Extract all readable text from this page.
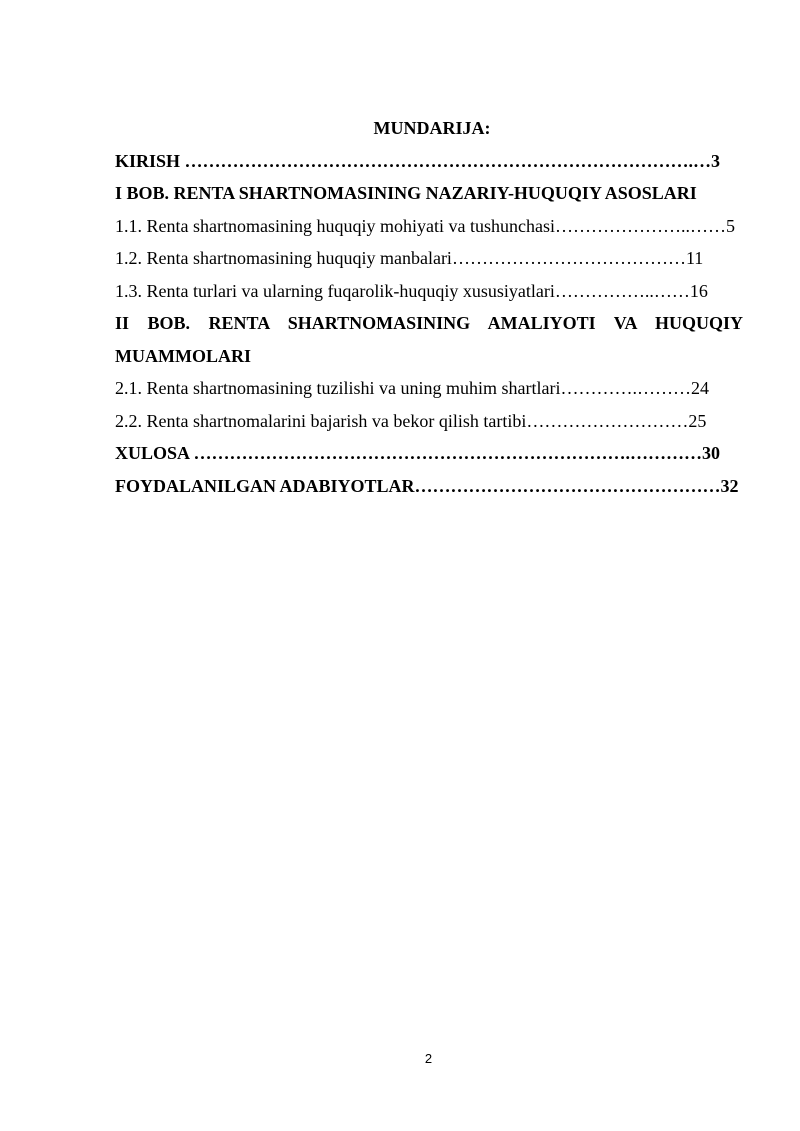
MUNDARIJA:

KIRISH ………………………………………………………………………….…3

I BOB. RENTA SHARTNOMASINING NAZARIY-HUQUQIY ASOSLARI

1.1. Renta shartnomasining huquqiy mohiyati va tushunchasi…………………..……5

1.2. Renta shartnomasining huquqiy manbalari…………………………………11

1.3. Renta turlari va ularning fuqarolik-huquqiy xususiyatlari……………..……16

II BOB. RENTA SHARTNOMASINING AMALIYOTI VA HUQUQIY
MUAMMOLARI

2.1. Renta shartnomasining tuzilishi va uning muhim shartlari………….………24

2.2. Renta shartnomalarini bajarish va bekor qilish tartibi………………………25

XULOSA ……………………………………………………………….…………30

FOYDALANILGAN ADABIYOTLAR……………………………………………32

2
